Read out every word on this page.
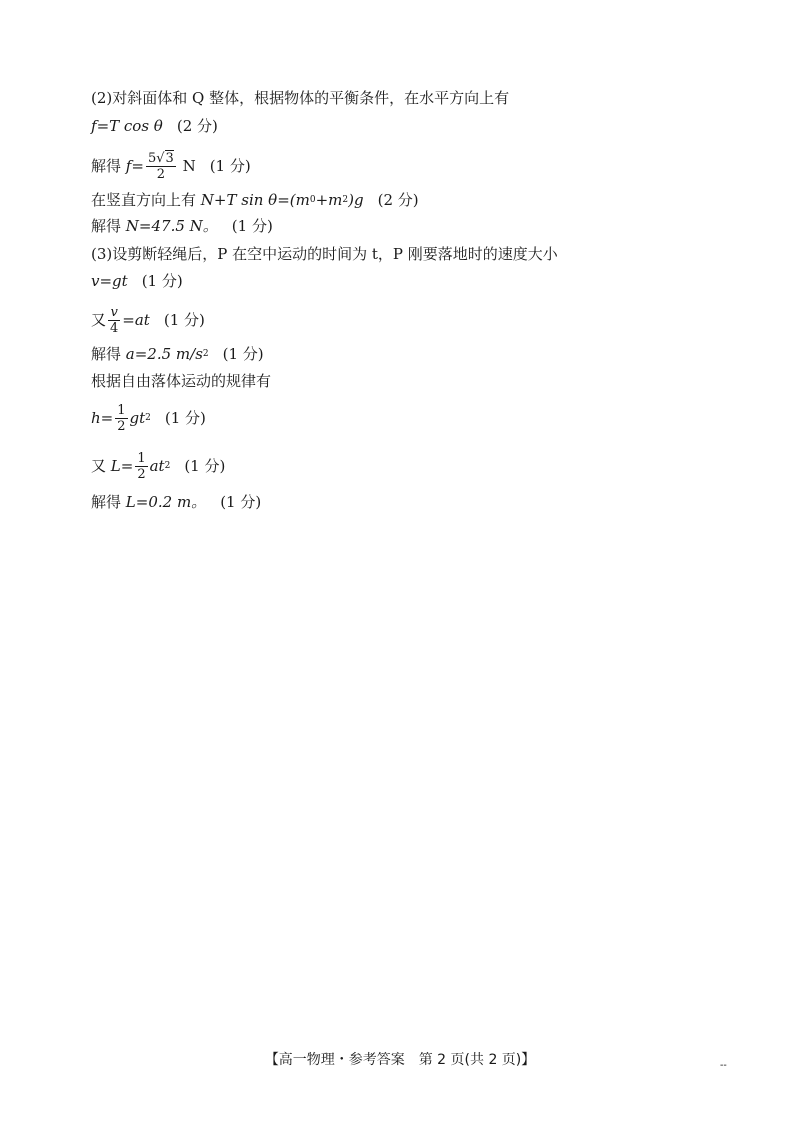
(2)对斜面体和 Q 整体，根据物体的平衡条件，在水平方向上有
f =T cos θ (2 分)
解得
$f = \frac{5√3}{2}$
N (1 分)
在竖直方向上有
N+T sin θ=(m 0 +m 2 )g (2 分)
解得
N=47.5 N。 (1 分)
(3)设剪断轻绳后，P 在空中运动的时间为 t，P 刚要落地时的速度大小
v=gt (1 分)
又 $\frac{v}{4} =at$ (1 分)
解得
a=2.5 m/s 2 (1 分)
根据自由落体运动的规律有
$h= \frac{1}{2}$ gt 2 (1 分)
又
$L= \frac{1}{2}$ at 2 (1 分)
解得
L=0.2 m。 (1 分)
【高一物理・参考答案　第 2 页(共 2 页)】	--
